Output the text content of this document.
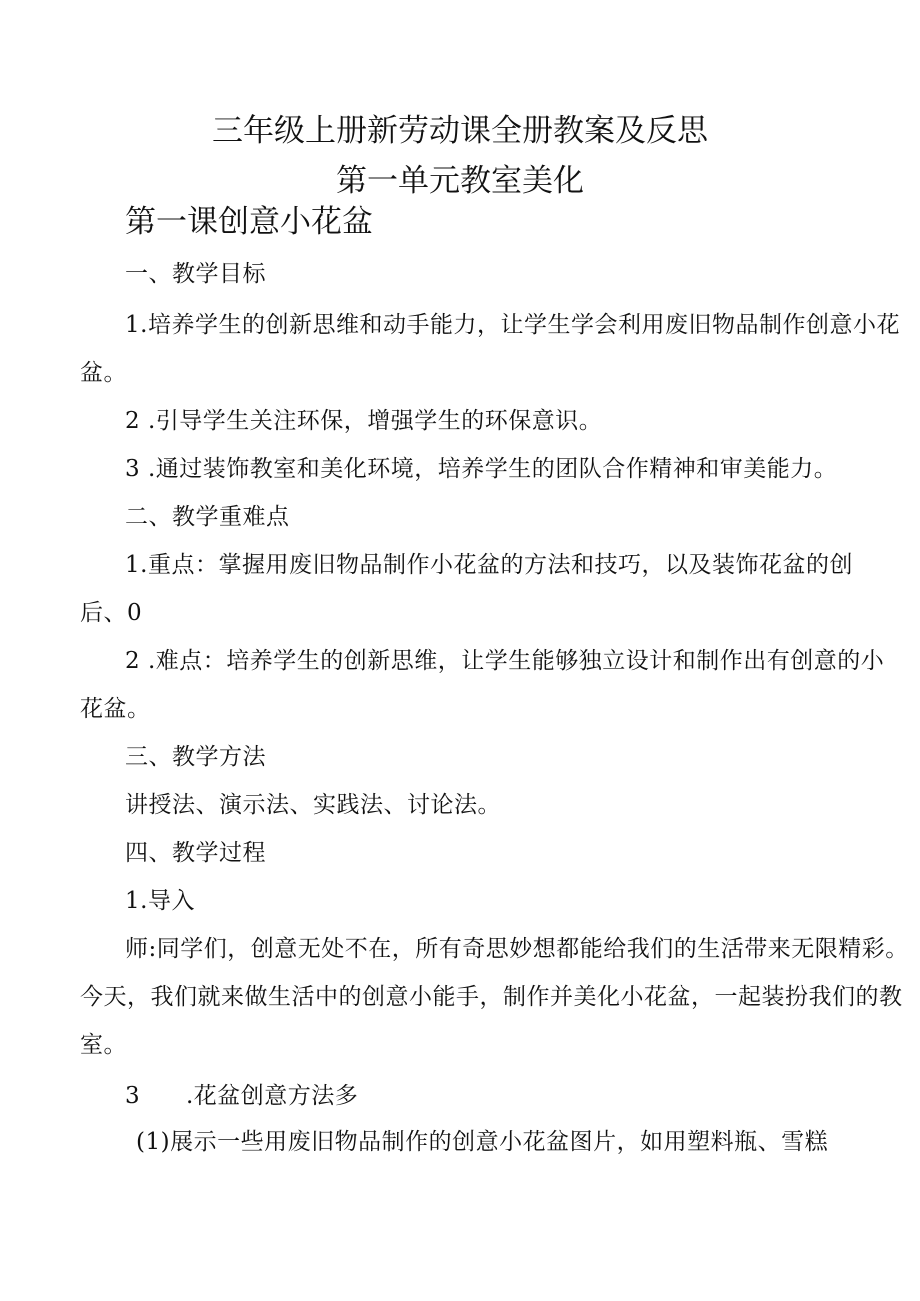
三年级上册新劳动课全册教案及反思
第一单元教室美化
第一课创意小花盆
一、教学目标
1.培养学生的创新思维和动手能力，让学生学会利用废旧物品制作创意小花
盆。
2 .引导学生关注环保，增强学生的环保意识。
3 .通过装饰教室和美化环境，培养学生的团队合作精神和审美能力。
二、教学重难点
1.重点：掌握用废旧物品制作小花盆的方法和技巧，以及装饰花盆的创
后、0
2 .难点：培养学生的创新思维，让学生能够独立设计和制作出有创意的小
花盆。
三、教学方法
讲授法、演示法、实践法、讨论法。
四、教学过程
1.导入
师:同学们，创意无处不在，所有奇思妙想都能给我们的生活带来无限精彩。
今天，我们就来做生活中的创意小能手，制作并美化小花盆，一起装扮我们的教
室。
3 .花盆创意方法多
(1)展示一些用废旧物品制作的创意小花盆图片，如用塑料瓶、雪糕
